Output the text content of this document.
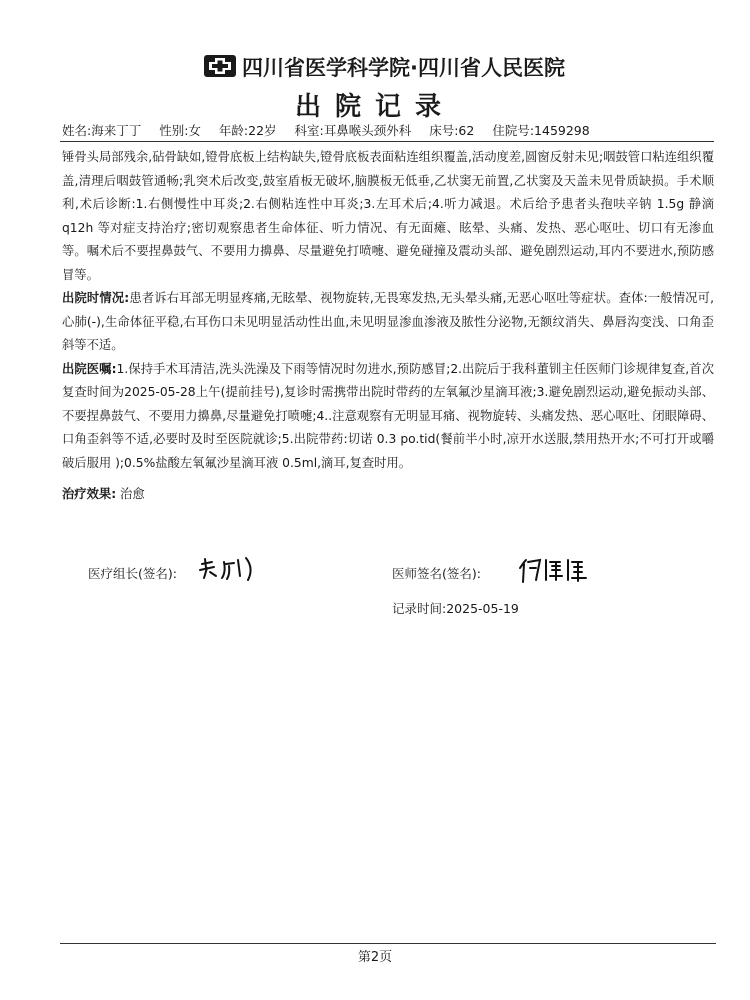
四川省医学科学院·四川省人民医院
出院记录
姓名:海来丁丁 性别:女 年龄:22岁 科室:耳鼻喉头颈外科 床号:62 住院号:1459298

锤骨头局部残余,砧骨缺如,镫骨底板上结构缺失,镫骨底板表面粘连组织覆盖,活动度差,圆窗反射未见;咽鼓管口粘连组织覆盖,清理后咽鼓管通畅;乳突术后改变,鼓室盾板无破坏,脑膜板无低垂,乙状窦无前置,乙状窦及天盖未见骨质缺损。手术顺利,术后诊断:1.右侧慢性中耳炎;2.右侧粘连性中耳炎;3.左耳术后;4.听力减退。术后给予患者头孢呋辛钠 1.5g 静滴 q12h 等对症支持治疗;密切观察患者生命体征、听力情况、有无面瘫、眩晕、头痛、发热、恶心呕吐、切口有无渗血等。嘱术后不要捏鼻鼓气、不要用力擤鼻、尽量避免打喷嚏、避免碰撞及震动头部、避免剧烈运动,耳内不要进水,预防感冒等。

出院时情况:患者诉右耳部无明显疼痛,无眩晕、视物旋转,无畏寒发热,无头晕头痛,无恶心呕吐等症状。查体:一般情况可,心肺(-),生命体征平稳,右耳伤口未见明显活动性出血,未见明显渗血渗液及脓性分泌物,无额纹消失、鼻唇沟变浅、口角歪斜等不适。

出院医嘱:1.保持手术耳清洁,洗头洗澡及下雨等情况时勿进水,预防感冒;2.出院后于我科董钏主任医师门诊规律复查,首次复查时间为2025-05-28上午(提前挂号),复诊时需携带出院时带药的左氧氟沙星滴耳液;3.避免剧烈运动,避免振动头部、不要捏鼻鼓气、不要用力擤鼻,尽量避免打喷嚏;4..注意观察有无明显耳痛、视物旋转、头痛发热、恶心呕吐、闭眼障碍、口角歪斜等不适,必要时及时至医院就诊;5.出院带药:切诺 0.3 po.tid(餐前半小时,凉开水送服,禁用热开水;不可打开或嚼破后服用 );0.5%盐酸左氧氟沙星滴耳液 0.5ml,滴耳,复查时用。

治疗效果: 治愈

医疗组长(签名):	医师签名(签名):
记录时间:2025-05-19
第2页
